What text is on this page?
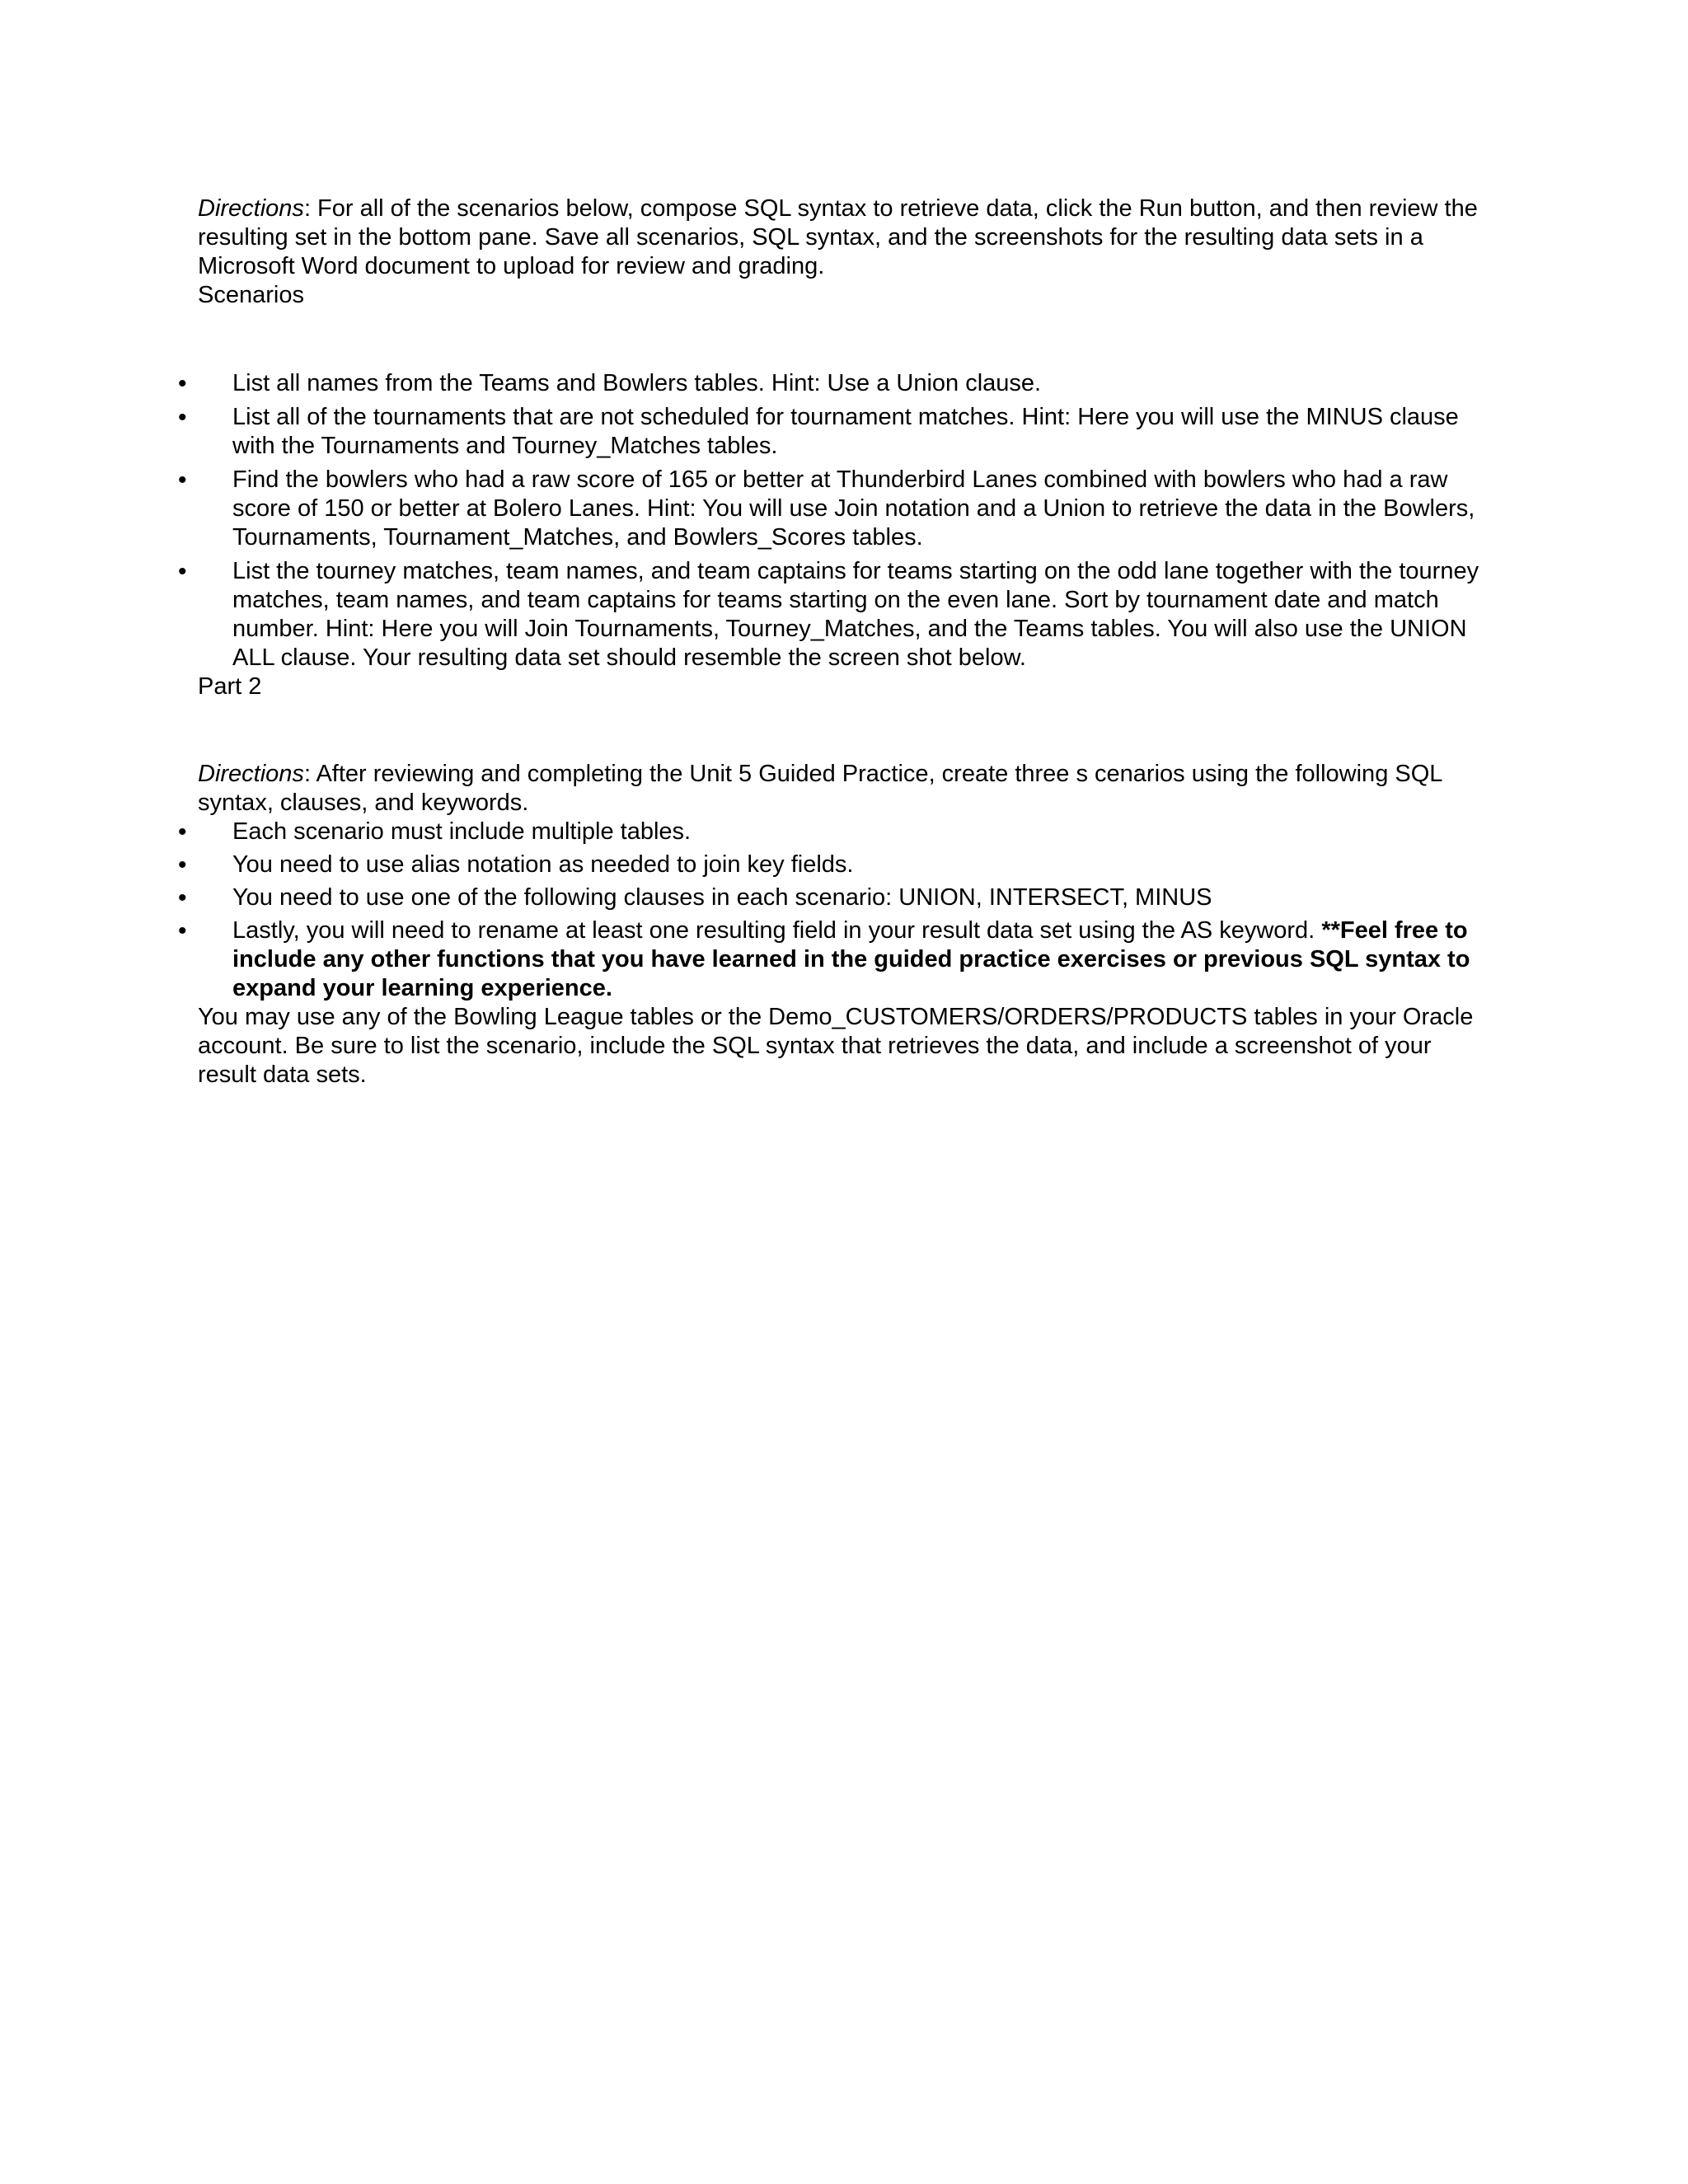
Directions: For all of the scenarios below, compose SQL syntax to retrieve data, click the Run button, and then review the resulting set in the bottom pane. Save all scenarios, SQL syntax, and the screenshots for the resulting data sets in a Microsoft Word document to upload for review and grading.

Scenarios

• List all names from the Teams and Bowlers tables. Hint: Use a Union clause.
• List all of the tournaments that are not scheduled for tournament matches. Hint: Here you will use the MINUS clause with the Tournaments and Tourney_Matches tables.
• Find the bowlers who had a raw score of 165 or better at Thunderbird Lanes combined with bowlers who had a raw score of 150 or better at Bolero Lanes. Hint: You will use Join notation and a Union to retrieve the data in the Bowlers, Tournaments, Tournament_Matches, and Bowlers_Scores tables.
• List the tourney matches, team names, and team captains for teams starting on the odd lane together with the tourney matches, team names, and team captains for teams starting on the even lane. Sort by tournament date and match number. Hint: Here you will Join Tournaments, Tourney_Matches, and the Teams tables. You will also use the UNION ALL clause. Your resulting data set should resemble the screen shot below.

Part 2

Directions: After reviewing and completing the Unit 5 Guided Practice, create three s cenarios using the following SQL syntax, clauses, and keywords.

• Each scenario must include multiple tables.
• You need to use alias notation as needed to join key fields.
• You need to use one of the following clauses in each scenario: UNION, INTERSECT, MINUS
• Lastly, you will need to rename at least one resulting field in your result data set using the AS keyword. **Feel free to include any other functions that you have learned in the guided practice exercises or previous SQL syntax to expand your learning experience.

You may use any of the Bowling League tables or the Demo_CUSTOMERS/ORDERS/PRODUCTS tables in your Oracle account. Be sure to list the scenario, include the SQL syntax that retrieves the data, and include a screenshot of your result data sets.
